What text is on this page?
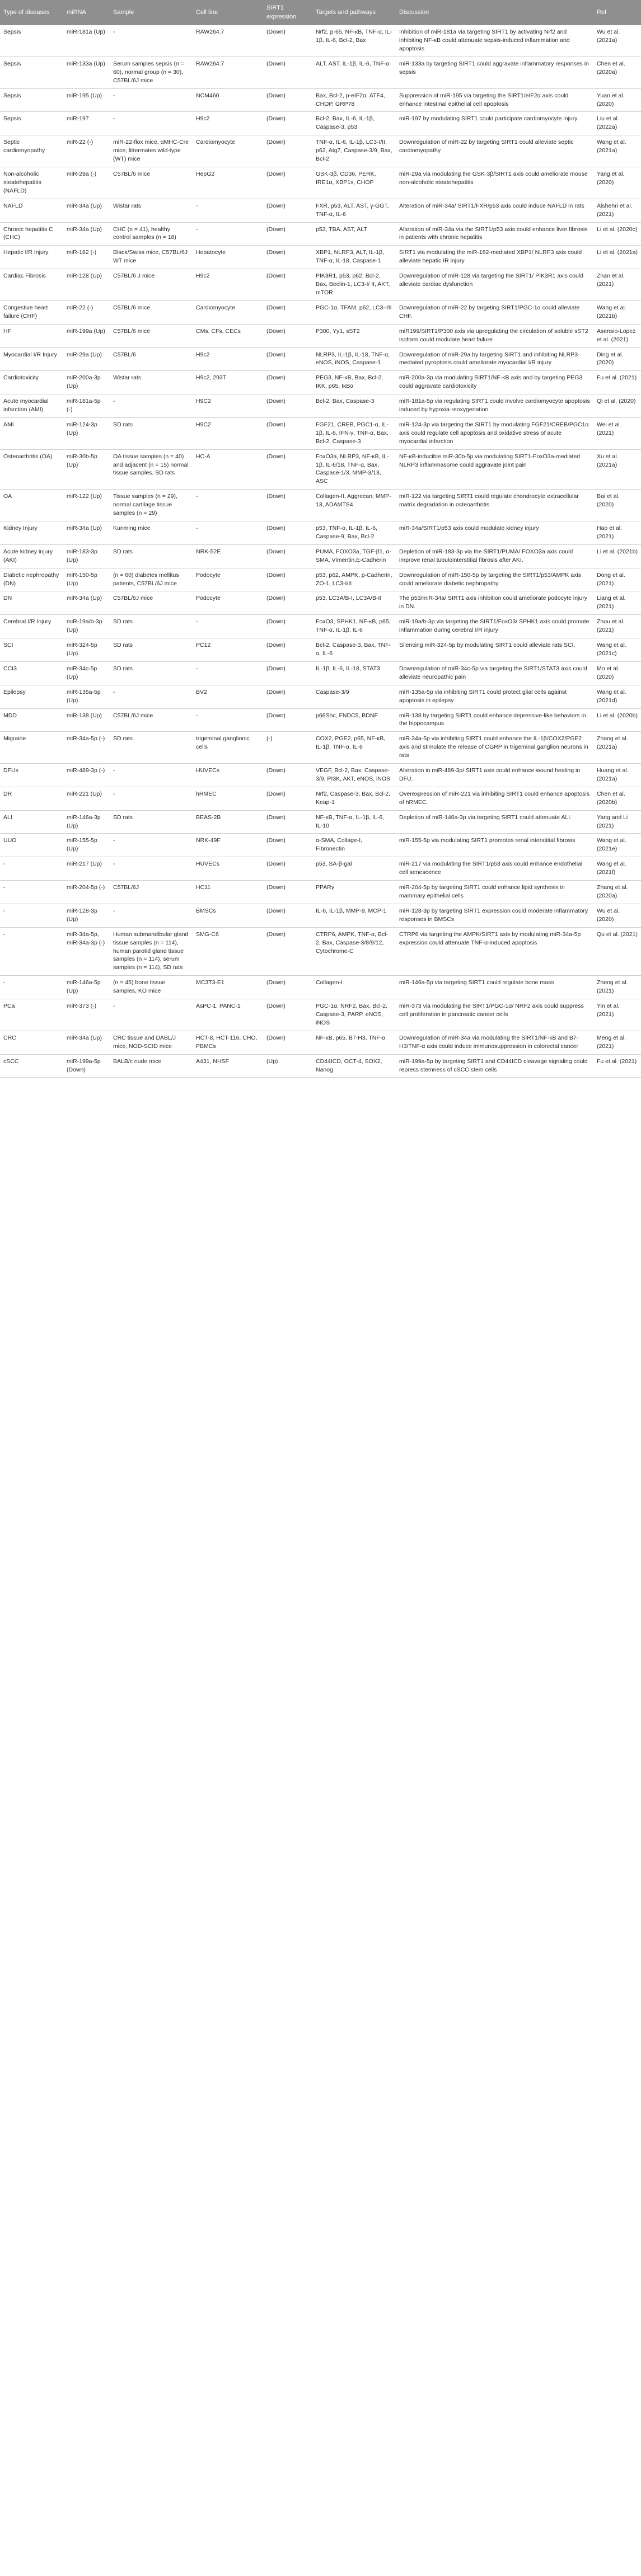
Type of diseases	miRNA	Sample	Cell line	SIRT1 expression	Targets and pathways	Discussion	Ref
Sepsis	miR-181a (Up)	-	RAW264.7	(Down)	Nrf2, p-65, NF-κB, TNF-α, IL-1β, IL-6, Bcl-2, Bax	Inhibition of miR-181a via targeting SIRT1 by activating Nrf2 and inhibiting NF-κB could attenuate sepsis-induced inflammation and apoptosis	Wu et al. (2021a)
Sepsis	miR-133a (Up)	Serum samples sepsis (n = 60), normal group (n = 30), C57BL/6J mice	RAW264.7	(Down)	ALT, AST, IL-1β, IL-6, TNF-α	miR-133a by targeting SIRT1 could aggravate inflammatory responses in sepsis	Chen et al. (2020a)
Sepsis	miR-195 (Up)	-	NCM460	(Down)	Bax, Bcl-2, p-eIF2α, ATF4, CHOP, GRP78	Suppression of miR-195 via targeting the SIRT1/eIF2α axis could enhance intestinal epithelial cell apoptosis	Yuan et al. (2020)
Sepsis	miR-197	-	H9c2	(Down)	Bcl-2, Bax, IL-6, IL-1β, Caspase-3, p53	miR-197 by modulating SIRT1 could participate cardiomyocyte injury	Liu et al. (2022a)
Septic cardiomyopathy	miR-22 (-)	miR-22-flox mice, αMHC-Cre mice, littermates wild-type (WT) mice	Cardiomyocyte	(Down)	TNF-α, IL-6, IL-1β, LC3-I/II, p62, Atg7, Caspase-3/9, Bax, Bcl-2	Downregulation of miR-22 by targeting SIRT1 could alleviate septic cardiomyopathy	Wang et al. (2021a)
Non-alcoholic steatohepatitis (NAFLD)	miR-29a (-)	C57BL/6 mice	HepG2	(Down)	GSK-3β, CD36, PERK, IRE1α, XBP1s, CHOP	miR-29a via modulating the GSK-3β/SIRT1 axis could ameliorate mouse non-alcoholic steatohepatitis	Yang et al. (2020)
NAFLD	miR-34a (Up)	Wistar rats	-	(Down)	FXR, p53, ALT, AST, γ-GGT, TNF-α, IL-6	Alteration of miR-34a/ SIRT1/FXR/p53 axis could induce NAFLD in rats	Alshehri et al. (2021)
Chronic hepatitis C (CHC)	miR-34a (Up)	CHC (n = 41), healthy control samples (n = 18)	-	(Down)	p53, TBA, AST, ALT	Alteration of miR-34a via the SIRT1/p53 axis could enhance liver fibrosis in patients with chronic hepatitis	Li et al. (2020c)
Hepatic I/R Injury	miR-182 (-)	Black/Swiss mice, C57BL/6J WT mice	Hepatocyte	(Down)	XBP1, NLRP3, ALT, IL-1β, TNF-α, IL-18, Caspase-1	SIRT1 via modulating the miR-182-mediated XBP1/ NLRP3 axis could alleviate hepatic IR injury	Li et al. (2021a)
Cardiac Fibrosis	miR-128 (Up)	C57BL/6 J mice	H9c2	(Down)	PIK3R1, p53, p62, Bcl-2, Bax, Beclin-1, LC3-I/ II, AKT, mTOR	Downregulation of miR-128 via targeting the SIRT1/ PIK3R1 axis could alleviate cardiac dysfunction	Zhan et al. (2021)
Congestive heart failure (CHF)	miR-22 (-)	C57BL/6 mice	Cardiomyocyte	(Down)	PGC-1α, TFAM, p62, LC3-I/II	Downregulation of miR-22 by targeting SIRT1/PGC-1α could alleviate CHF.	Wang et al. (2021b)
HF	miR-199a (Up)	C57BL/6 mice	CMs, CFs, CECs	(Down)	P300, Yy1, sST2	miR199/SIRT1/P300 axis via upregulating the circulation of soluble sST2 isoform could modulate heart failure	Asensio-Lopez et al. (2021)
Myocardial I/R Injury	miR-29a (Up)	C57BL/6	H9c2	(Down)	NLRP3, IL-1β, IL-18, TNF-α, eNOS, iNOS, Caspase-1	Downregulation of miR-29a by targeting SIRT1 and inhibiting NLRP3-mediated pyroptosis could ameliorate myocardial I/R injury	Ding et al. (2020)
Cardiotoxicity	miR-200a-3p (Up)	Wistar rats	H9c2, 293T	(Down)	PEG3, NF-κB, Bax, Bcl-2, IKK, p65, IκBα	miR-200a-3p via modulating SIRT1/NF-κB axis and by targeting PEG3 could aggravate cardiotoxicity	Fu et al. (2021)
Acute myocardial infarction (AMI)	miR-181a-5p (-)	-	H9C2	(Down)	Bcl-2, Bax, Caspase-3	miR-181a-5p via regulating SIRT1 could involve cardiomyocyte apoptosis induced by hypoxia-reoxygenation	Qi et al. (2020)
AMI	miR-124-3p (Up)	SD rats	H9C2	(Down)	FGF21, CREB, PGC1-α, IL-1β, IL-6, IFN-γ, TNF-α, Bax, Bcl-2, Caspase-3	miR-124-3p via targeting the SIRT1 by modulating FGF21/CREB/PGC1α axis could regulate cell apoptosis and oxidative stress of acute myocardial infarction	Wei et al. (2021)
Osteoarthritis (OA)	miR-30b-5p (Up)	OA tissue samples (n = 40) and adjacent (n = 15) normal tissue samples, SD rats	HC-A	(Down)	FoxO3a, NLRP3, NF-κB, IL-1β, IL-6/18, TNF-α, Bax, Caspase-1/3, MMP-3/13, ASC	NF-κB-inducible miR-30b-5p via modulating SIRT1-FoxO3a-mediated NLRP3 inflammasome could aggravate joint pain	Xu et al. (2021a)
OA	miR-122 (Up)	Tissue samples (n = 29), normal cartilage tissue samples (n = 29)	-	(Down)	Collagen-II, Aggrecan, MMP-13, ADAMTS4	miR-122 via targeting SIRT1 could regulate chondrocyte extracellular matrix degradation in osteoarthritis	Bai et al. (2020)
Kidney Injury	miR-34a (Up)	Kunming mice	-	(Down)	p53, TNF-α, IL-1β, IL-6, Caspase-9, Bax, Bcl-2	miR-34a/SIRT1/p53 axis could modulate kidney injury	Hao et al. (2021)
Acute kidney injury (AKI)	miR-183-3p (Up)	SD rats	NRK-52E	(Down)	PUMA, FOXO3a, TGF-β1, α-SMA, Vimentin,E-Cadherin	Depletion of miR-183-3p via the SIRT1/PUMA/ FOXO3a axis could improve renal tubulointerstitial fibrosis after AKI.	Li et al. (2021b)
Diabetic nephropathy (DN)	miR-150-5p (Up)	(n = 60) diabetes mellitus patients, C57BL/6J mice	Podocyte	(Down)	p53, p62, AMPK, p-Cadherin, ZO-1, LC3-I/II	Downregulation of miR-150-5p by targeting the SIRT1/p53/AMPK axis could ameliorate diabetic nephropathy	Dong et al. (2021)
DN	miR-34a (Up)	C57BL/6J mice	Podocyte	(Down)	p53, LC3A/B-I, LC3A/B-II	The p53/miR-34a/ SIRT1 axis inhibition could ameliorate podocyte injury in DN.	Liang et al. (2021)
Cerebral I/R Injury	miR-19a/b-3p (Up)	SD rats	-	(Down)	FoxO3, SPHK1, NF-κB, p65, TNF-α, IL-1β, IL-6	miR-19a/b-3p via targeting the SIRT1/FoxO3/ SPHK1 axis could promote inflammation during cerebral I/R injury	Zhou et al. (2021)
SCI	miR-324-5p (Up)	SD rats	PC12	(Down)	Bcl-2, Caspase-3, Bax, TNF-α, IL-6	Silencing miR-324-5p by modulating SIRT1 could alleviate rats SCI.	Wang et al. (2021c)
CCI3	miR-34c-5p (Up)	SD rats	-	(Down)	IL-1β, IL-6, IL-18, STAT3	Downregulation of miR-34c-5p via targeting the SIRT1/STAT3 axis could alleviate neuropathic pain	Mo et al. (2020)
Epilepsy	miR-135a-5p (Up)	-	BV2	(Down)	Caspase-3/9	miR-135a-5p via inhibiting SIRT1 could protect glial cells against apoptosis in epilepsy	Wang et al. (2021d)
MDD	miR-138 (Up)	C57BL/6J mice	-	(Down)	p66Shc, FNDC5, BDNF	miR-138 by targeting SIRT1 could enhance depressive-like behaviors in the hippocampus	Li et al. (2020b)
Migraine	miR-34a-5p (-)	SD rats	trigeminal ganglionic cells	(-)	COX2, PGE2, p65, NF-κB, IL-1β, TNF-α, IL-6	miR-34a-5p via inhibiting SIRT1 could enhance the IL-1β/COX2/PGE2 axis and stimulate the release of CGRP in trigeminal ganglion neurons in rats	Zhang et al. (2021a)
DFUs	miR-489-3p (-)	-	HUVECs	(Down)	VEGF, Bcl-2, Bax, Caspase-3/9, PI3K, AKT, eNOS, iNOS	Alteration in miR-489-3p/ SIRT1 axis could enhance wound healing in DFU.	Huang et al. (2021a)
DR	miR-221 (Up)	-	hRMEC	(Down)	Nrf2, Caspase-3, Bax, Bcl-2, Keap-1	Overexpression of miR-221 via inhibiting SIRT1 could enhance apoptosis of hRMEC.	Chen et al. (2020b)
ALI	miR-146a-3p (Up)	SD rats	BEAS-2B	(Down)	NF-κB, TNF-α, IL-1β, IL-6, IL-10	Depletion of miR-146a-3p via targeting SIRT1 could attenuate ALI.	Yang and Li (2021)
UUO	miR-155-5p (Up)	-	NRK-49F	(Down)	α-SMA, Collage-I, Fibronectin	miR-155-5p via modulating SIRT1 promotes renal interstitial fibrosis	Wang et al. (2021e)
-	miR-217 (Up)	-	HUVECs	(Down)	p53, SA-β-gal	miR-217 via modulating the SIRT1/p53 axis could enhance endothelial cell senescence	Wang et al. (2021f)
-	miR-204-5p (-)	C57BL/6J	HC11	(Down)	PPARγ	miR-204-5p by targeting SIRT1 could enhance lipid synthesis in mammary epithelial cells	Zhang et al. (2020a)
-	miR-128-3p (Up)	-	BMSCs	(Down)	IL-6, IL-1β, MMP-9, MCP-1	miR-128-3p by targeting SIRT1 expression could moderate inflammatory responses in BMSCs	Wu et al. (2020)
-	miR-34a-5p, miR-34a-3p (-)	Human submandibular gland tissue samples (n = 114), human parotid gland tissue samples (n = 114), serum samples (n = 114), SD rats	SMG-C6	(Down)	CTRP6, AMPK, TNF-α, Bcl-2, Bax, Caspase-3/8/9/12, Cytochrome-C	CTRP6 via targeting the AMPK/SIRT1 axis by modulating miR-34a-5p expression could attenuate TNF-α-induced apoptosis	Qu et al. (2021)
-	miR-146a-5p (Up)	(n = 45) bone tissue samples, KO mice	MC3T3-E1	(Down)	Collagen-I	miR-146a-5p via targeting SIRT1 could regulate bone mass	Zheng et al. (2021)
PCa	miR-373 (-)	-	AsPC-1, PANC-1	(Down)	PGC-1α, NRF2, Bax, Bcl-2, Caspase-3, PARP, eNOS, iNOS	miR-373 via modulating the SIRT1/PGC-1α/ NRF2 axis could suppress cell proliferation in pancreatic cancer cells	Yin et al. (2021)
CRC	miR-34a (Up)	CRC tissue and DABL/J mice, NOD-SCID mice	HCT-8, HCT-116, CHO, PBMCs	(Down)	NF-κB, p65, B7-H3, TNF-α	Downregulation of miR-34a via modulating the SIRT1/NF-κB and B7-H3/TNF-α axis could induce immunosuppression in colorectal cancer	Meng et al. (2021)
cSCC	miR-199a-5p (Down)	BALB/c nude mice	A431, NHSF	(Up)	CD44ICD, OCT-4, SOX2, Nanog	miR-199a-5p by targeting SIRT1 and CD44ICD cleavage signaling could repress stemness of cSCC stem cells	Fu et al. (2021)
